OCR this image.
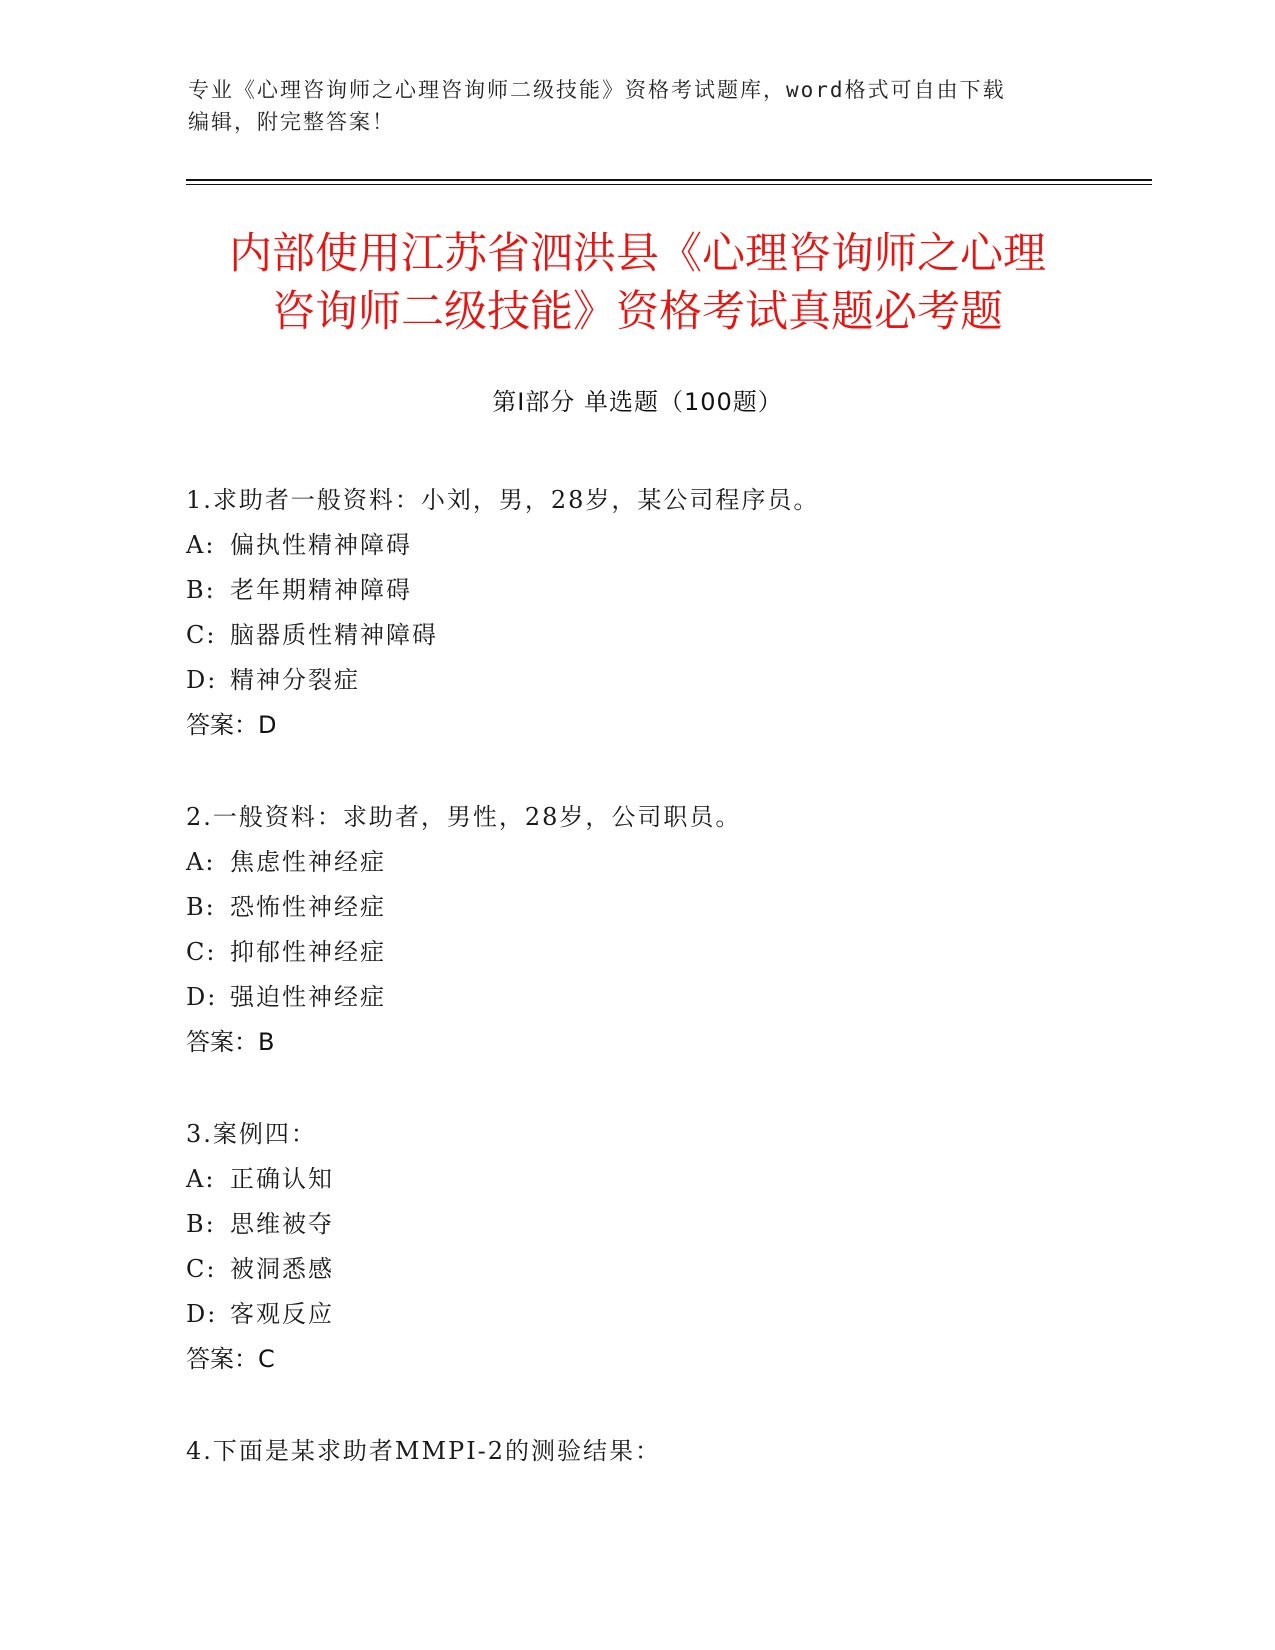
专业《心理咨询师之心理咨询师二级技能》资格考试题库，word格式可自由下载
编辑，附完整答案！
内部使用江苏省泗洪县《心理咨询师之心理
咨询师二级技能》资格考试真题必考题
第Ⅰ部分 单选题（100题）
1.求助者一般资料：小刘，男，28岁，某公司程序员。
A: 偏执性精神障碍
B: 老年期精神障碍
C: 脑器质性精神障碍
D: 精神分裂症
答案：D
2.一般资料：求助者，男性，28岁，公司职员。
A: 焦虑性神经症
B: 恐怖性神经症
C: 抑郁性神经症
D: 强迫性神经症
答案：B
3.案例四：
A: 正确认知
B: 思维被夺
C: 被洞悉感
D: 客观反应
答案：C
4.下面是某求助者MMPI-2的测验结果：
